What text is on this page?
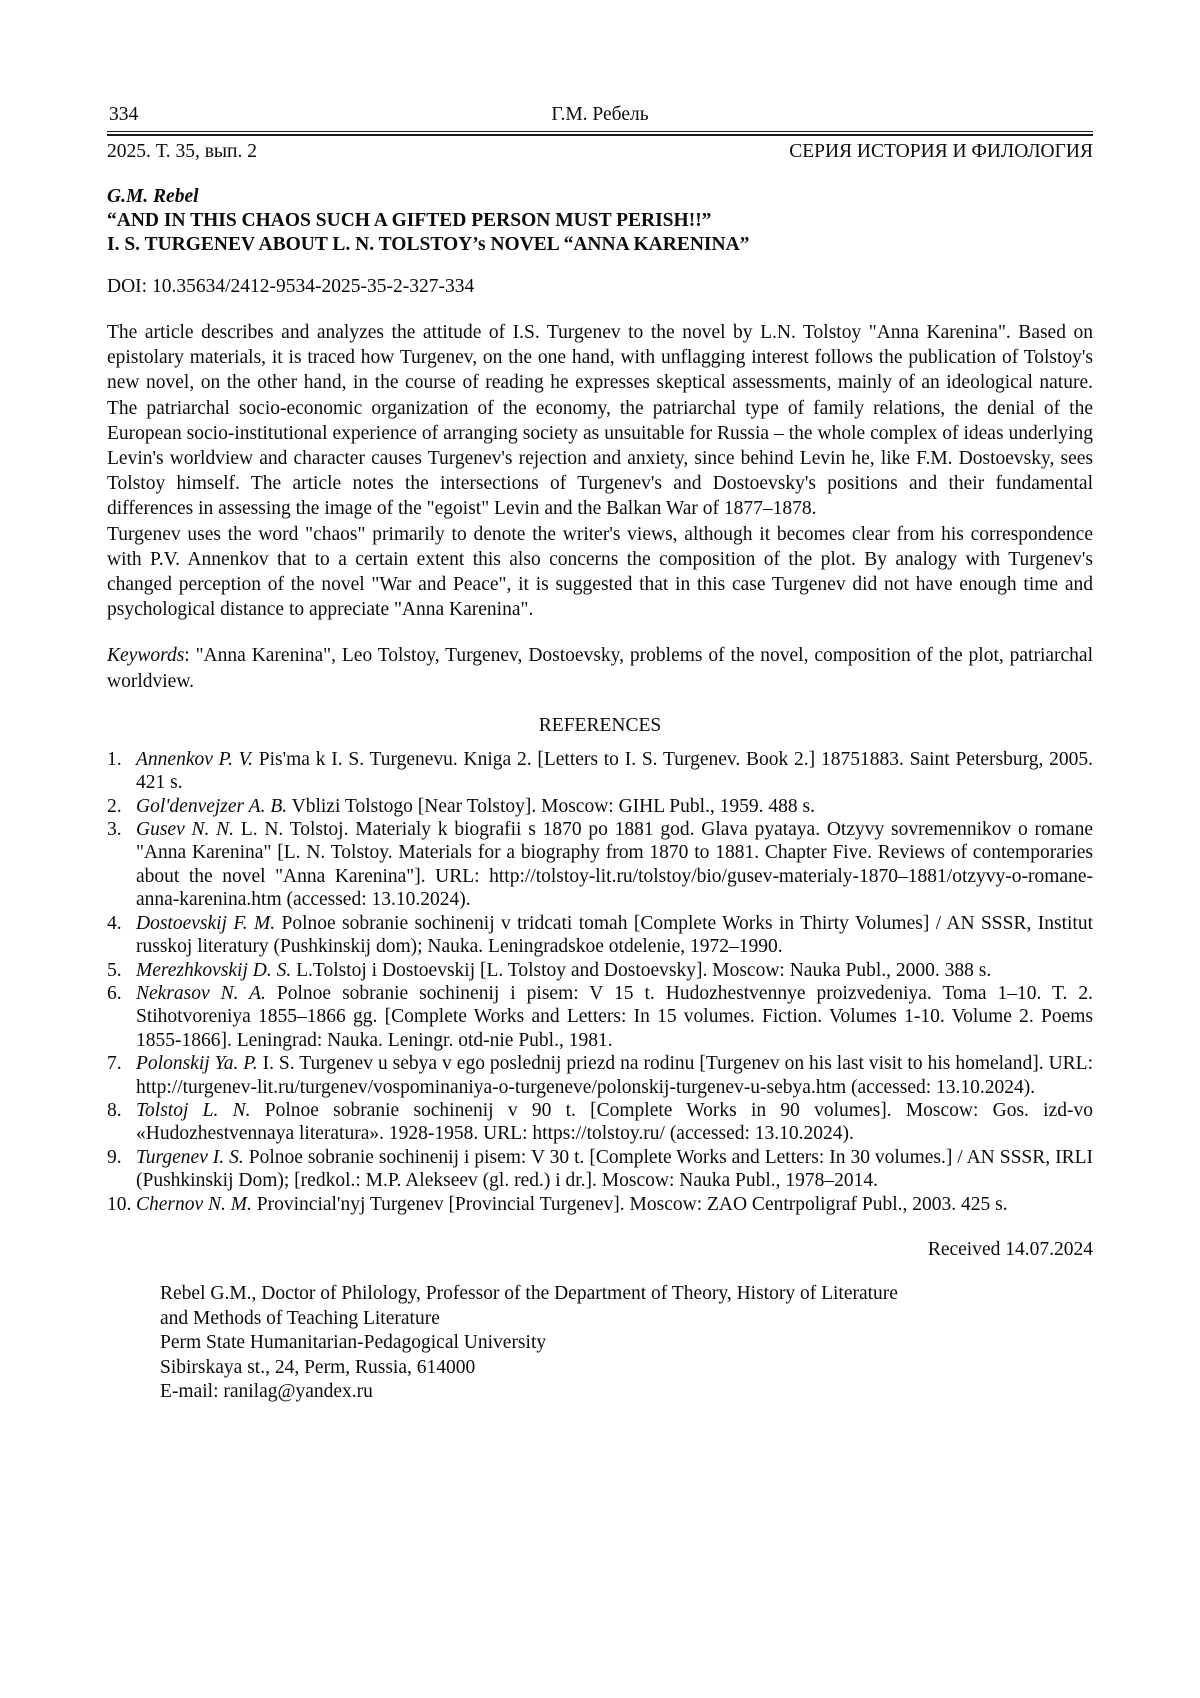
334	Г.М. Ребель
2025. Т. 35, вып. 2	СЕРИЯ ИСТОРИЯ И ФИЛОЛОГИЯ
G.M. Rebel
“AND IN THIS CHAOS SUCH A GIFTED PERSON MUST PERISH!!”
I. S. TURGENEV ABOUT L. N. TOLSTOY’s NOVEL “ANNA KARENINA”
DOI: 10.35634/2412-9534-2025-35-2-327-334

The article describes and analyzes the attitude of I.S. Turgenev to the novel by L.N. Tolstoy "Anna Karenina". Based on epistolary materials, it is traced how Turgenev, on the one hand, with unflagging interest follows the publication of Tolstoy's new novel, on the other hand, in the course of reading he expresses skeptical assessments, mainly of an ideological nature. The patriarchal socio-economic organization of the economy, the patriarchal type of family relations, the denial of the European socio-institutional experience of arranging society as unsuitable for Russia – the whole complex of ideas underlying Levin's worldview and character causes Turgenev's rejection and anxiety, since behind Levin he, like F.M. Dostoevsky, sees Tolstoy himself. The article notes the intersections of Turgenev's and Dostoevsky's positions and their fundamental differences in assessing the image of the "egoist" Levin and the Balkan War of 1877–1878.

Turgenev uses the word "chaos" primarily to denote the writer's views, although it becomes clear from his correspondence with P.V. Annenkov that to a certain extent this also concerns the composition of the plot. By analogy with Turgenev's changed perception of the novel "War and Peace", it is suggested that in this case Turgenev did not have enough time and psychological distance to appreciate "Anna Karenina".

Keywords: "Anna Karenina", Leo Tolstoy, Turgenev, Dostoevsky, problems of the novel, composition of the plot, patriarchal worldview.

REFERENCES
1. Annenkov P. V. Pis'ma k I. S. Turgenevu. Kniga 2. [Letters to I. S. Turgenev. Book 2.] 18751883. Saint Petersburg, 2005. 421 s.
2. Gol'denvejzer A. B. Vblizi Tolstogo [Near Tolstoy]. Moscow: GIHL Publ., 1959. 488 s.
3. Gusev N. N. L. N. Tolstoj. Materialy k biografii s 1870 po 1881 god. Glava pyataya. Otzyvy sovremennikov o romane "Anna Karenina" [L. N. Tolstoy. Materials for a biography from 1870 to 1881. Chapter Five. Reviews of contemporaries about the novel "Anna Karenina"]. URL: http://tolstoy-lit.ru/tolstoy/bio/gusev-materialy-1870–1881/otzyvy-o-romane-anna-karenina.htm (accessed: 13.10.2024).
4. Dostoevskij F. M. Polnoe sobranie sochinenij v tridcati tomah [Complete Works in Thirty Volumes] / AN SSSR, Institut russkoj literatury (Pushkinskij dom); Nauka. Leningradskoe otdelenie, 1972–1990.
5. Merezhkovskij D. S. L.Tolstoj i Dostoevskij [L. Tolstoy and Dostoevsky]. Moscow: Nauka Publ., 2000. 388 s.
6. Nekrasov N. A. Polnoe sobranie sochinenij i pisem: V 15 t. Hudozhestvennye proizvedeniya. Toma 1–10. T. 2. Stihotvoreniya 1855–1866 gg. [Complete Works and Letters: In 15 volumes. Fiction. Volumes 1-10. Volume 2. Poems 1855-1866]. Leningrad: Nauka. Leningr. otd-nie Publ., 1981.
7. Polonskij Ya. P. I. S. Turgenev u sebya v ego poslednij priezd na rodinu [Turgenev on his last visit to his homeland]. URL: http://turgenev-lit.ru/turgenev/vospominaniya-o-turgeneve/polonskij-turgenev-u-sebya.htm (accessed: 13.10.2024).
8. Tolstoj L. N. Polnoe sobranie sochinenij v 90 t. [Complete Works in 90 volumes]. Moscow: Gos. izd-vo «Hudozhestvennaya literatura». 1928-1958. URL: https://tolstoy.ru/ (accessed: 13.10.2024).
9. Turgenev I. S. Polnoe sobranie sochinenij i pisem: V 30 t. [Complete Works and Letters: In 30 volumes.] / AN SSSR, IRLI (Pushkinskij Dom); [redkol.: M.P. Alekseev (gl. red.) i dr.]. Moscow: Nauka Publ., 1978–2014.
10. Chernov N. M. Provincial'nyj Turgenev [Provincial Turgenev]. Moscow: ZAO Centrpoligraf Publ., 2003. 425 s.
Received 14.07.2024
Rebel G.M., Doctor of Philology, Professor of the Department of Theory, History of Literature
and Methods of Teaching Literature
Perm State Humanitarian-Pedagogical University
Sibirskaya st., 24, Perm, Russia, 614000
E-mail: ranilag@yandex.ru
